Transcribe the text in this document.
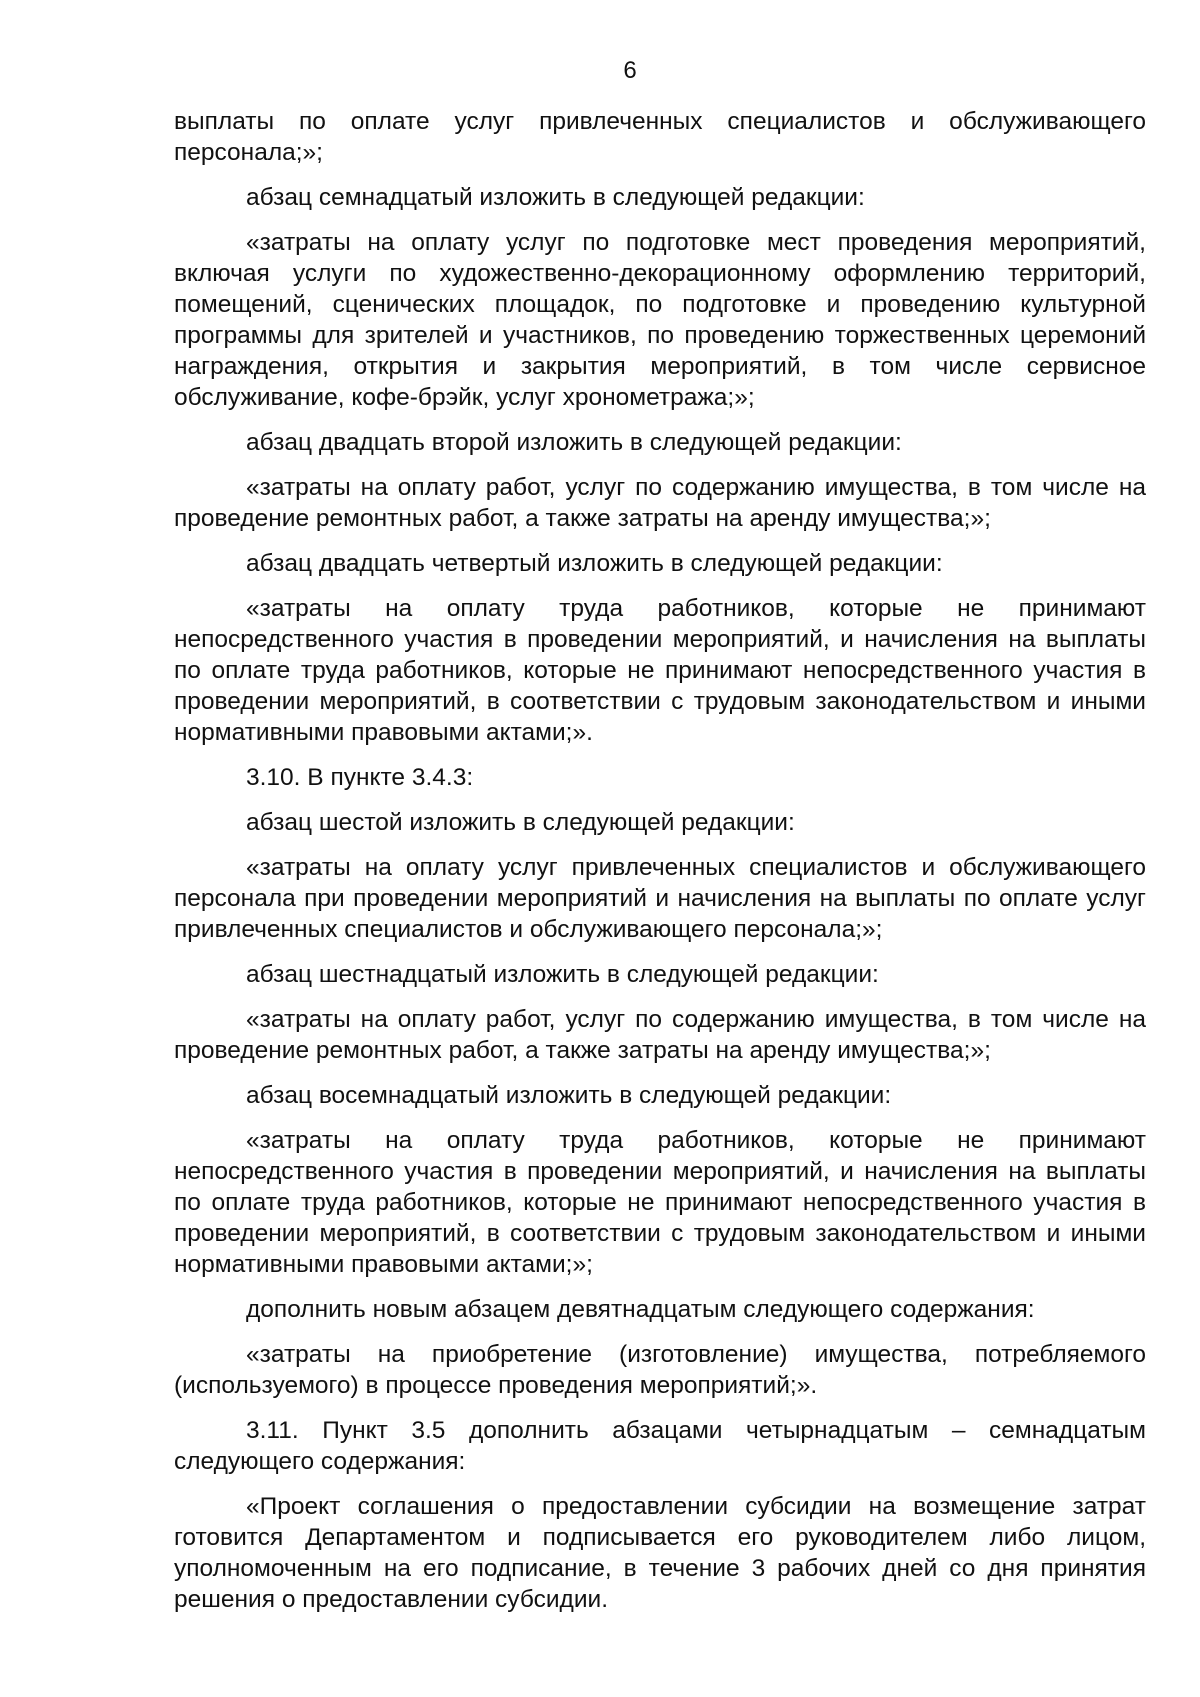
6

выплаты по оплате услуг привлеченных специалистов и обслуживающего персонала;»;

абзац семнадцатый изложить в следующей редакции:

«затраты на оплату услуг по подготовке мест проведения мероприятий, включая услуги по художественно-декорационному оформлению территорий, помещений, сценических площадок, по подготовке и проведению культурной программы для зрителей и участников, по проведению торжественных церемоний награждения, открытия и закрытия мероприятий, в том числе сервисное обслуживание, кофе-брэйк, услуг хронометража;»;

абзац двадцать второй изложить в следующей редакции:

«затраты на оплату работ, услуг по содержанию имущества, в том числе на проведение ремонтных работ, а также затраты на аренду имущества;»;

абзац двадцать четвертый изложить в следующей редакции:

«затраты на оплату труда работников, которые не принимают непосредственного участия в проведении мероприятий, и начисления на выплаты по оплате труда работников, которые не принимают непосредственного участия в проведении мероприятий, в соответствии с трудовым законодательством и иными нормативными правовыми актами;».

3.10. В пункте 3.4.3:

абзац шестой изложить в следующей редакции:

«затраты на оплату услуг привлеченных специалистов и обслуживающего персонала при проведении мероприятий и начисления на выплаты по оплате услуг привлеченных специалистов и обслуживающего персонала;»;

абзац шестнадцатый изложить в следующей редакции:

«затраты на оплату работ, услуг по содержанию имущества, в том числе на проведение ремонтных работ, а также затраты на аренду имущества;»;

абзац восемнадцатый изложить в следующей редакции:

«затраты на оплату труда работников, которые не принимают непосредственного участия в проведении мероприятий, и начисления на выплаты по оплате труда работников, которые не принимают непосредственного участия в проведении мероприятий, в соответствии с трудовым законодательством и иными нормативными правовыми актами;»;

дополнить новым абзацем девятнадцатым следующего содержания:

«затраты на приобретение (изготовление) имущества, потребляемого (используемого) в процессе проведения мероприятий;».

3.11. Пункт 3.5 дополнить абзацами четырнадцатым – семнадцатым следующего содержания:

«Проект соглашения о предоставлении субсидии на возмещение затрат готовится Департаментом и подписывается его руководителем либо лицом, уполномоченным на его подписание, в течение 3 рабочих дней со дня принятия решения о предоставлении субсидии.
